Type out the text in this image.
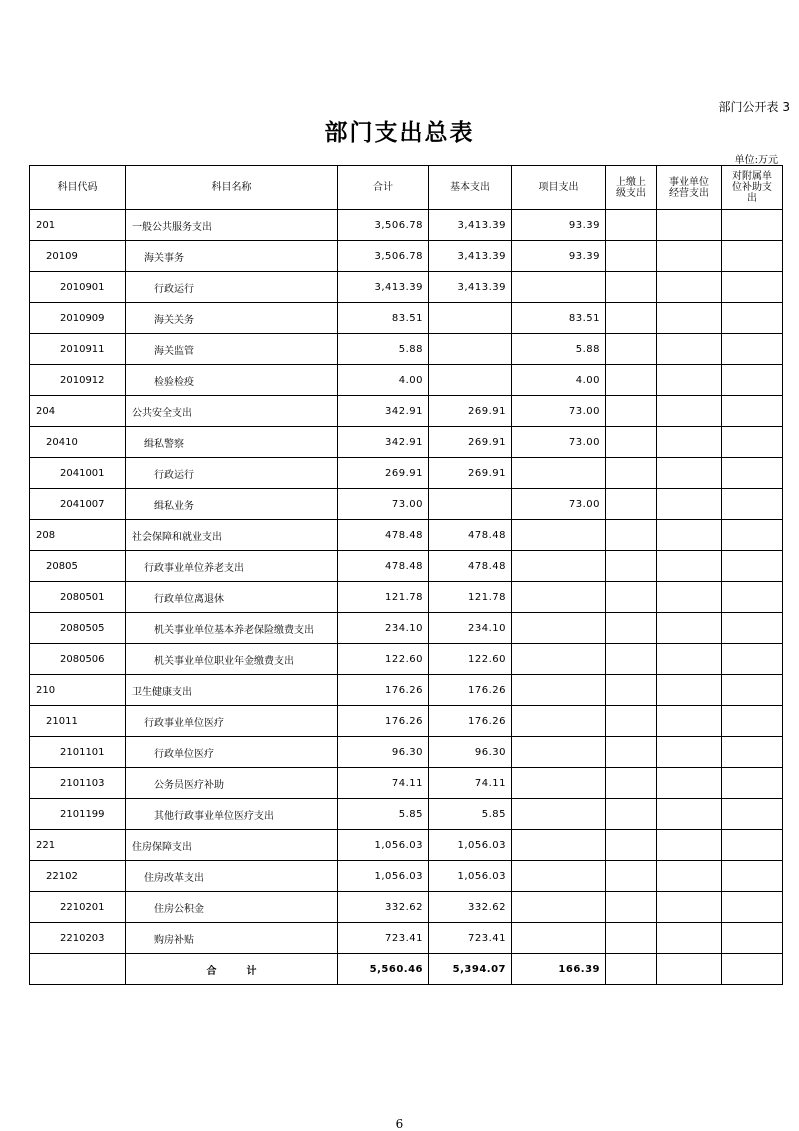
部门公开表 3
部门支出总表
单位:万元
科目代码	科目名称	合计	基本支出	项目支出	上缴上级支出	事业单位经营支出	对附属单位补助支出
201	一般公共服务支出	3,506.78	3,413.39	93.39			
20109	海关事务	3,506.78	3,413.39	93.39			
2010901	行政运行	3,413.39	3,413.39				
2010909	海关关务	83.51		83.51			
2010911	海关监管	5.88		5.88			
2010912	检验检疫	4.00		4.00			
204	公共安全支出	342.91	269.91	73.00			
20410	缉私警察	342.91	269.91	73.00			
2041001	行政运行	269.91	269.91				
2041007	缉私业务	73.00		73.00			
208	社会保障和就业支出	478.48	478.48				
20805	行政事业单位养老支出	478.48	478.48				
2080501	行政单位离退休	121.78	121.78				
2080505	机关事业单位基本养老保险缴费支出	234.10	234.10				
2080506	机关事业单位职业年金缴费支出	122.60	122.60				
210	卫生健康支出	176.26	176.26				
21011	行政事业单位医疗	176.26	176.26				
2101101	行政单位医疗	96.30	96.30				
2101103	公务员医疗补助	74.11	74.11				
2101199	其他行政事业单位医疗支出	5.85	5.85				
221	住房保障支出	1,056.03	1,056.03				
22102	住房改革支出	1,056.03	1,056.03				
2210201	住房公积金	332.62	332.62				
2210203	购房补贴	723.41	723.41				
	合计	5,560.46	5,394.07	166.39			
6
